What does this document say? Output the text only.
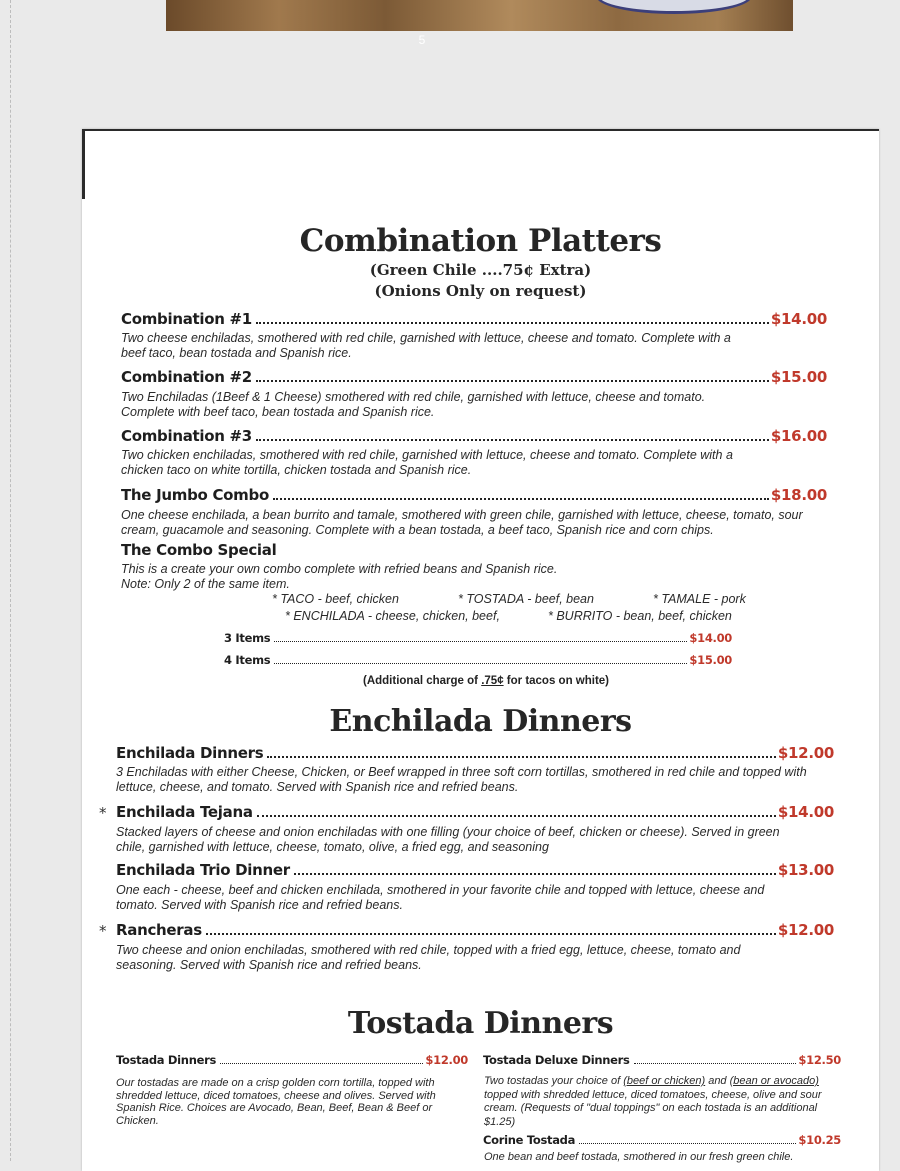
5
Combination Platters
(Green Chile ....75¢ Extra)
(Onions Only on request)
Combination #1	$14.00
Two cheese enchiladas, smothered with red chile, garnished with lettuce, cheese and tomato. Complete with a beef taco, bean tostada and Spanish rice.
Combination #2	$15.00
Two Enchiladas (1Beef & 1 Cheese) smothered with red chile, garnished with lettuce, cheese and tomato. Complete with beef taco, bean tostada and Spanish rice.
Combination #3	$16.00
Two chicken enchiladas, smothered with red chile, garnished with lettuce, cheese and tomato. Complete with a chicken taco on white tortilla, chicken tostada and Spanish rice.
The Jumbo Combo	$18.00
One cheese enchilada, a bean burrito and tamale, smothered with green chile, garnished with lettuce, cheese, tomato, sour cream, guacamole and seasoning. Complete with a bean tostada, a beef taco, Spanish rice and corn chips.
The Combo Special
This is a create your own combo complete with refried beans and Spanish rice.
Note: Only 2 of the same item.
* TACO - beef, chicken	* TOSTADA - beef, bean	* TAMALE - pork
* ENCHILADA - cheese, chicken, beef,	* BURRITO - bean, beef, chicken
3 Items	$14.00
4 Items	$15.00
(Additional charge of .75¢ for tacos on white)
Enchilada Dinners
Enchilada Dinners	$12.00
3 Enchiladas with either Cheese, Chicken, or Beef wrapped in three soft corn tortillas, smothered in red chile and topped with lettuce, cheese, and tomato. Served with Spanish rice and refried beans.
* Enchilada Tejana	$14.00
Stacked layers of cheese and onion enchiladas with one filling (your choice of beef, chicken or cheese). Served in green chile, garnished with lettuce, cheese, tomato, olive, a fried egg, and seasoning
Enchilada Trio Dinner	$13.00
One each - cheese, beef and chicken enchilada, smothered in your favorite chile and topped with lettuce, cheese and tomato. Served with Spanish rice and refried beans.
* Rancheras	$12.00
Two cheese and onion enchiladas, smothered with red chile, topped with a fried egg, lettuce, cheese, tomato and seasoning. Served with Spanish rice and refried beans.
Tostada Dinners
Tostada Dinners	$12.00
Our tostadas are made on a crisp golden corn tortilla, topped with shredded lettuce, diced tomatoes, cheese and olives. Served with Spanish Rice. Choices are Avocado, Bean, Beef, Bean & Beef or Chicken.
Tostada Deluxe Dinners	$12.50
Two tostadas your choice of (beef or chicken) and (bean or avocado) topped with shredded lettuce, diced tomatoes, cheese, olive and sour cream. (Requests of "dual toppings" on each tostada is an additional $1.25)
Corine Tostada	$10.25
One bean and beef tostada, smothered in our fresh green chile.
